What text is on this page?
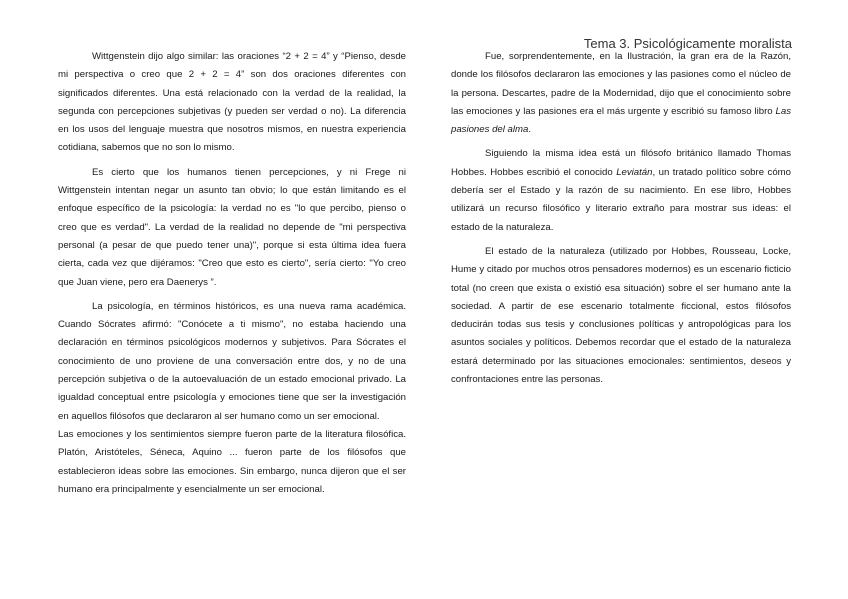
Tema 3. Psicológicamente moralista

Wittgenstein dijo algo similar: las oraciones “2 + 2 = 4” y “Pienso, desde mi perspectiva o creo que 2 + 2 = 4” son dos oraciones diferentes con significados diferentes. Una está relacionado con la verdad de la realidad, la segunda con percepciones subjetivas (y pueden ser verdad o no). La diferencia en los usos del lenguaje muestra que nosotros mismos, en nuestra experiencia cotidiana, sabemos que no son lo mismo.

Es cierto que los humanos tienen percepciones, y ni Frege ni Wittgenstein intentan negar un asunto tan obvio; lo que están limitando es el enfoque específico de la psicología: la verdad no es "lo que percibo, pienso o creo que es verdad". La verdad de la realidad no depende de "mi perspectiva personal (a pesar de que puedo tener una)", porque si esta última idea fuera cierta, cada vez que dijéramos: "Creo que esto es cierto", sería cierto: "Yo creo que Juan viene, pero era Daenerys ”.

La psicología, en términos históricos, es una nueva rama académica. Cuando Sócrates afirmó: "Conócete a ti mismo", no estaba haciendo una declaración en términos psicológicos modernos y subjetivos. Para Sócrates el conocimiento de uno proviene de una conversación entre dos, y no de una percepción subjetiva o de la autoevaluación de un estado emocional privado. La igualdad conceptual entre psicología y emociones tiene que ser la investigación en aquellos filósofos que declararon al ser humano como un ser emocional.

Las emociones y los sentimientos siempre fueron parte de la literatura filosófica. Platón, Aristóteles, Séneca, Aquino ... fueron parte de los filósofos que establecieron ideas sobre las emociones. Sin embargo, nunca dijeron que el ser humano era principalmente y esencialmente un ser emocional.

Fue, sorprendentemente, en la Ilustración, la gran era de la Razón, donde los filósofos declararon las emociones y las pasiones como el núcleo de la persona. Descartes, padre de la Modernidad, dijo que el conocimiento sobre las emociones y las pasiones era el más urgente y escribió su famoso libro Las pasiones del alma.

Siguiendo la misma idea está un filósofo británico llamado Thomas Hobbes. Hobbes escribió el conocido Leviatán, un tratado político sobre cómo debería ser el Estado y la razón de su nacimiento. En ese libro, Hobbes utilizará un recurso filosófico y literario extraño para mostrar sus ideas: el estado de la naturaleza.

El estado de la naturaleza (utilizado por Hobbes, Rousseau, Locke, Hume y citado por muchos otros pensadores modernos) es un escenario ficticio total (no creen que exista o existió esa situación) sobre el ser humano ante la sociedad. A partir de ese escenario totalmente ficcional, estos filósofos deducirán todas sus tesis y conclusiones políticas y antropológicas para los asuntos sociales y políticos. Debemos recordar que el estado de la naturaleza estará determinado por las situaciones emocionales: sentimientos, deseos y confrontaciones entre las personas.
